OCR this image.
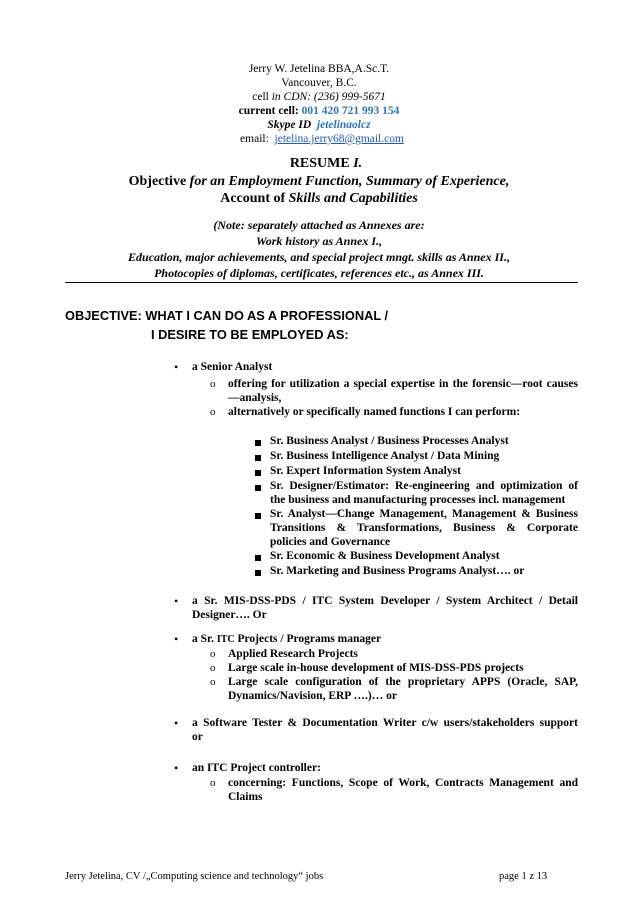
Jerry W. Jetelina BBA,A.Sc.T.
Vancouver, B.C.
cell in CDN: (236) 999-5671
current cell: 001 420 721 993 154
Skype ID jetelinaolcz
email: jetelina.jerry68@gmail.com
RESUME I.
Objective for an Employment Function, Summary of Experience,
Account of Skills and Capabilities
(Note: separately attached as Annexes are:
Work history as Annex I.,
Education, major achievements, and special project mngt. skills as Annex II.,
Photocopies of diplomas, certificates, references etc., as Annex III.
OBJECTIVE: WHAT I CAN DO AS A PROFESSIONAL /
I DESIRE TO BE EMPLOYED AS:
• a Senior Analyst
o offering for utilization a special expertise in the forensic—root causes
—analysis,
o alternatively or specifically named functions I can perform:
Sr. Business Analyst / Business Processes Analyst
Sr. Business Intelligence Analyst / Data Mining
Sr. Expert Information System Analyst
Sr. Designer/Estimator: Re-engineering and optimization of
the business and manufacturing processes incl. management
Sr. Analyst—Change Management, Management & Business
Transitions & Transformations, Business & Corporate
policies and Governance
Sr. Economic & Business Development Analyst
Sr. Marketing and Business Programs Analyst…. or
• a Sr. MIS-DSS-PDS / ITC System Developer / System Architect / Detail
Designer…. Or
• a Sr. ITC Projects / Programs manager
o Applied Research Projects
o Large scale in-house development of MIS-DSS-PDS projects
o Large scale configuration of the proprietary APPS (Oracle, SAP,
Dynamics/Navision, ERP ….)… or
• a Software Tester & Documentation Writer c/w users/stakeholders support
or
• an ITC Project controller:
o concerning: Functions, Scope of Work, Contracts Management and
Claims
Jerry Jetelina, CV /„Computing science and technology“ jobs	page 1 z 13
